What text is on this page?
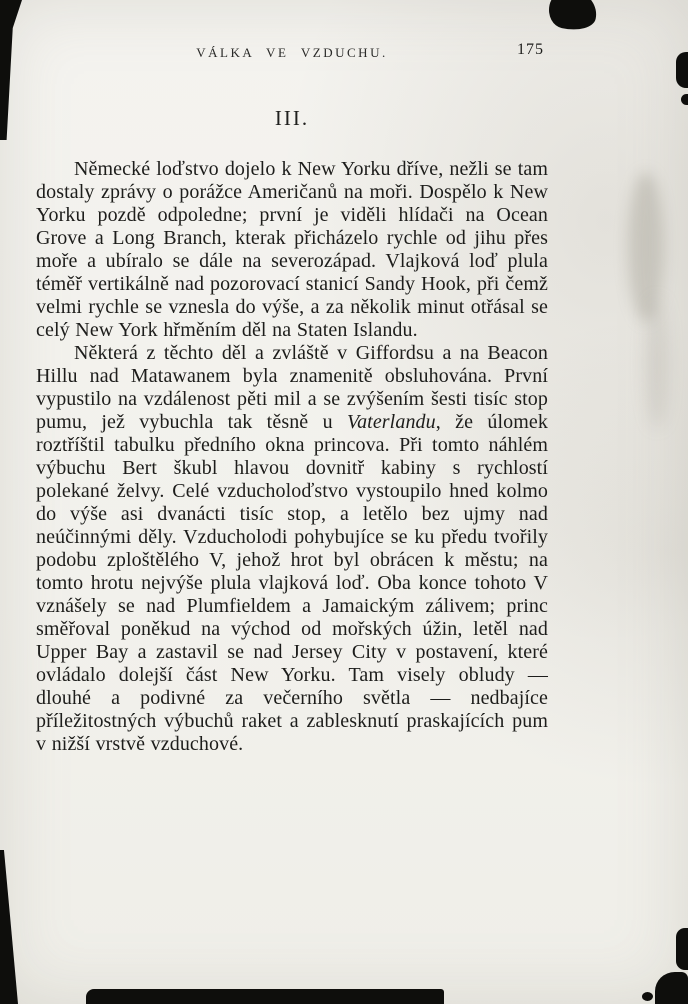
VÁLKA VE VZDUCHU.	175
III.

Německé loďstvo dojelo k New Yorku dříve, nežli se tam dostaly zprávy o porážce Američanů na moři. Dospělo k New Yorku pozdě odpoledne; první je viděli hlídači na Ocean Grove a Long Branch, kterak přicházelo rychle od jihu přes moře a ubíralo se dále na severozápad. Vlajková loď plula téměř vertikálně nad pozorovací stanicí Sandy Hook, při čemž velmi rychle se vznesla do výše, a za několik minut otřásal se celý New York hřměním děl na Staten Islandu.

Některá z těchto děl a zvláště v Giffordsu a na Beacon Hillu nad Matawanem byla znamenitě obsluhována. První vypustilo na vzdálenost pěti mil a se zvýšením šesti tisíc stop pumu, jež vybuchla tak těsně u Vaterlandu, že úlomek roztříštil tabulku předního okna princova. Při tomto náhlém výbuchu Bert škubl hlavou dovnitř kabiny s rychlostí polekané želvy. Celé vzducholoďstvo vystoupilo hned kolmo do výše asi dvanácti tisíc stop, a letělo bez ujmy nad neúčinnými děly. Vzducholodi pohybujíce se ku předu tvořily podobu zploštělého V, jehož hrot byl obrácen k městu; na tomto hrotu nejvýše plula vlajková loď. Oba konce tohoto V vznášely se nad Plumfieldem a Jamaickým zálivem; princ směřoval poněkud na východ od mořských úžin, letěl nad Upper Bay a zastavil se nad Jersey City v postavení, které ovládalo dolejší část New Yorku. Tam visely obludy — dlouhé a podivné za večerního světla — nedbajíce příležitostných výbuchů raket a zablesknutí praskajících pum v nižší vrstvě vzduchové.
